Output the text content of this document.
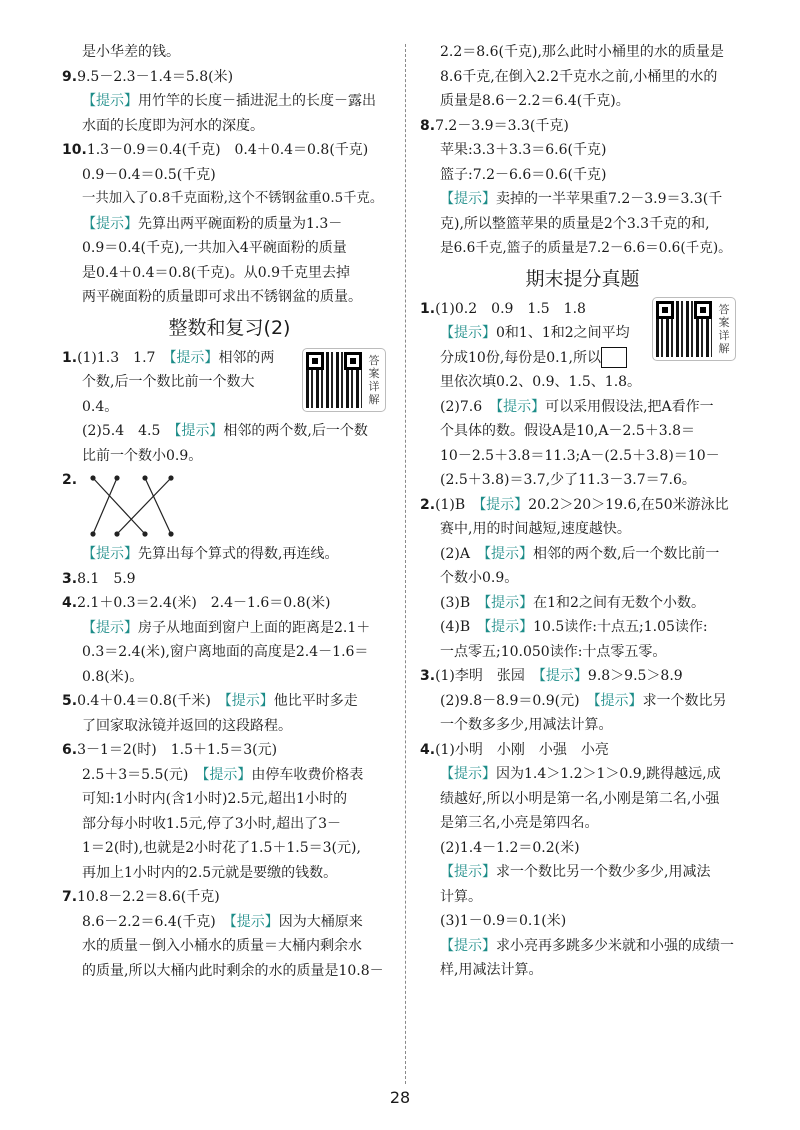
是小华差的钱。
9.9.5－2.3－1.4＝5.8(米)
【提示】用竹竿的长度－插进泥土的长度－露出
水面的长度即为河水的深度。
10.1.3－0.9＝0.4(千克)　0.4＋0.4＝0.8(千克)
0.9－0.4＝0.5(千克)
一共加入了0.8千克面粉,这个不锈钢盆重0.5千克。
【提示】先算出两平碗面粉的质量为1.3－
0.9＝0.4(千克),一共加入4平碗面粉的质量
是0.4＋0.4＝0.8(千克)。从0.9千克里去掉
两平碗面粉的质量即可求出不锈钢盆的质量。
整数和复习(2)
答案详解
1.(1)1.3　1.7　【提示】相邻的两
个数,后一个数比前一个数大
0.4。
(2)5.4　4.5　【提示】相邻的两个数,后一个数
比前一个数小0.9。
2.
【提示】先算出每个算式的得数,再连线。
3.8.1　5.9
4.2.1＋0.3＝2.4(米)　2.4－1.6＝0.8(米)
【提示】房子从地面到窗户上面的距离是2.1＋
0.3＝2.4(米),窗户离地面的高度是2.4－1.6＝
0.8(米)。
5.0.4＋0.4＝0.8(千米)　【提示】他比平时多走
了回家取泳镜并返回的这段路程。
6.3－1＝2(时)　1.5＋1.5＝3(元)
2.5＋3＝5.5(元)　【提示】由停车收费价格表
可知:1小时内(含1小时)2.5元,超出1小时的
部分每小时收1.5元,停了3小时,超出了3－
1＝2(时),也就是2小时花了1.5＋1.5＝3(元),
再加上1小时内的2.5元就是要缴的钱数。
7.10.8－2.2＝8.6(千克)
8.6－2.2＝6.4(千克)　【提示】因为大桶原来
水的质量－倒入小桶水的质量＝大桶内剩余水
的质量,所以大桶内此时剩余的水的质量是10.8－
2.2＝8.6(千克),那么此时小桶里的水的质量是
8.6千克,在倒入2.2千克水之前,小桶里的水的
质量是8.6－2.2＝6.4(千克)。
8.7.2－3.9＝3.3(千克)
苹果:3.3＋3.3＝6.6(千克)
篮子:7.2－6.6＝0.6(千克)
【提示】卖掉的一半苹果重7.2－3.9＝3.3(千
克),所以整篮苹果的质量是2个3.3千克的和,
是6.6千克,篮子的质量是7.2－6.6＝0.6(千克)。
期末提分真题
答案详解
1.(1)0.2　0.9　1.5　1.8
【提示】0和1、1和2之间平均
分成10份,每份是0.1,所以
里依次填0.2、0.9、1.5、1.8。
(2)7.6　【提示】可以采用假设法,把A看作一
个具体的数。假设A是10,A－2.5＋3.8＝
10－2.5＋3.8＝11.3;A－(2.5＋3.8)＝10－
(2.5＋3.8)＝3.7,少了11.3－3.7＝7.6。
2.(1)B　【提示】20.2＞20＞19.6,在50米游泳比
赛中,用的时间越短,速度越快。
(2)A　【提示】相邻的两个数,后一个数比前一
个数小0.9。
(3)B　【提示】在1和2之间有无数个小数。
(4)B　【提示】10.5读作:十点五;1.05读作:
一点零五;10.050读作:十点零五零。
3.(1)李明　张园　【提示】9.8＞9.5＞8.9
(2)9.8－8.9＝0.9(元)　【提示】求一个数比另
一个数多多少,用减法计算。
4.(1)小明　小刚　小强　小亮
【提示】因为1.4＞1.2＞1＞0.9,跳得越远,成
绩越好,所以小明是第一名,小刚是第二名,小强
是第三名,小亮是第四名。
(2)1.4－1.2＝0.2(米)
【提示】求一个数比另一个数少多少,用减法
计算。
(3)1－0.9＝0.1(米)
【提示】求小亮再多跳多少米就和小强的成绩一
样,用减法计算。
28
